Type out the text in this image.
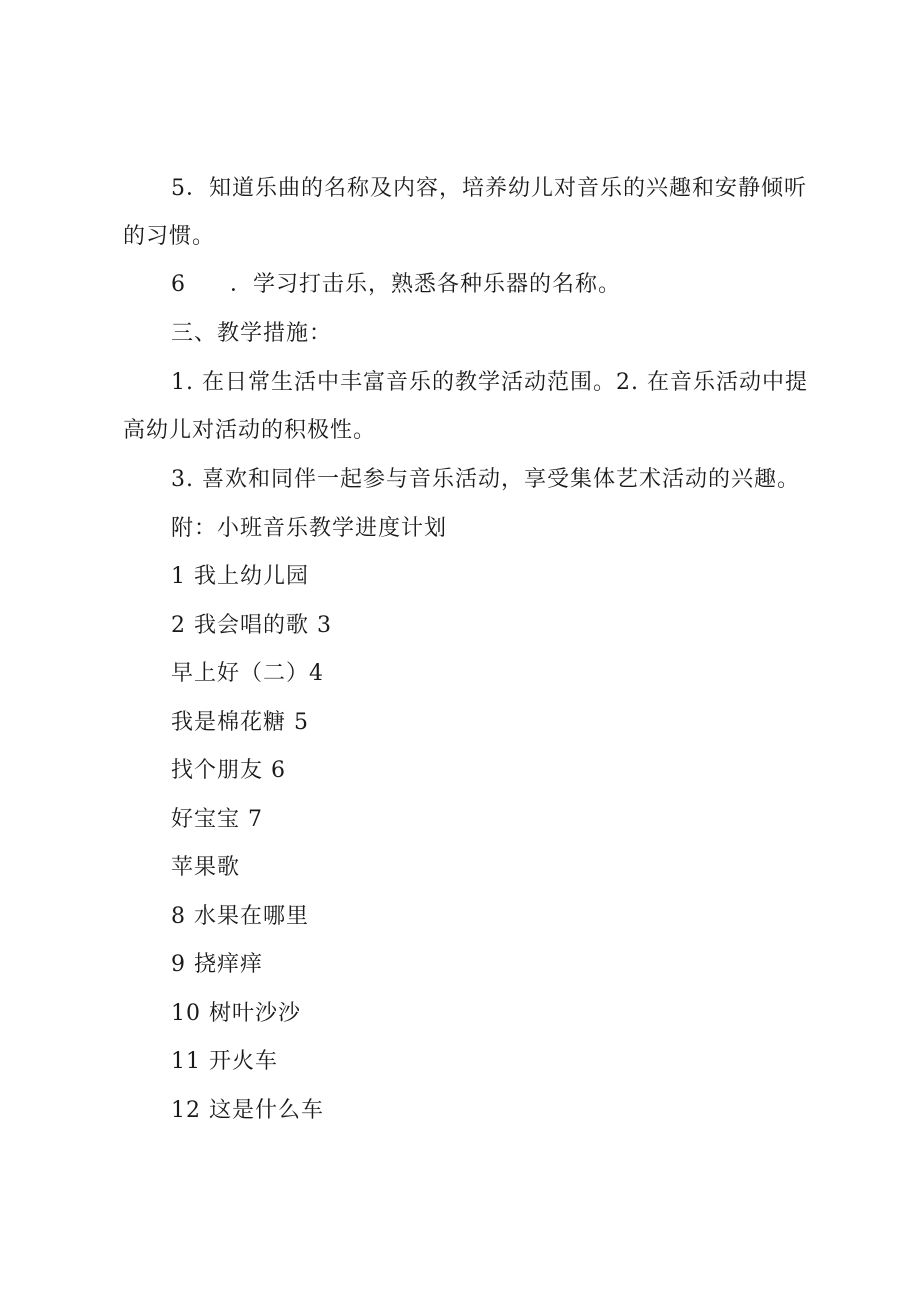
5．知道乐曲的名称及内容，培养幼儿对音乐的兴趣和安静倾听
的习惯。
6 ．学习打击乐，熟悉各种乐器的名称。
三、教学措施：
1. 在日常生活中丰富音乐的教学活动范围。2. 在音乐活动中提
高幼儿对活动的积极性。
3. 喜欢和同伴一起参与音乐活动，享受集体艺术活动的兴趣。
附：小班音乐教学进度计划
1 我上幼儿园
2 我会唱的歌 3
早上好（二）4
我是棉花糖 5
找个朋友 6
好宝宝 7
苹果歌
8 水果在哪里
9 挠痒痒
10 树叶沙沙
11 开火车
12 这是什么车
